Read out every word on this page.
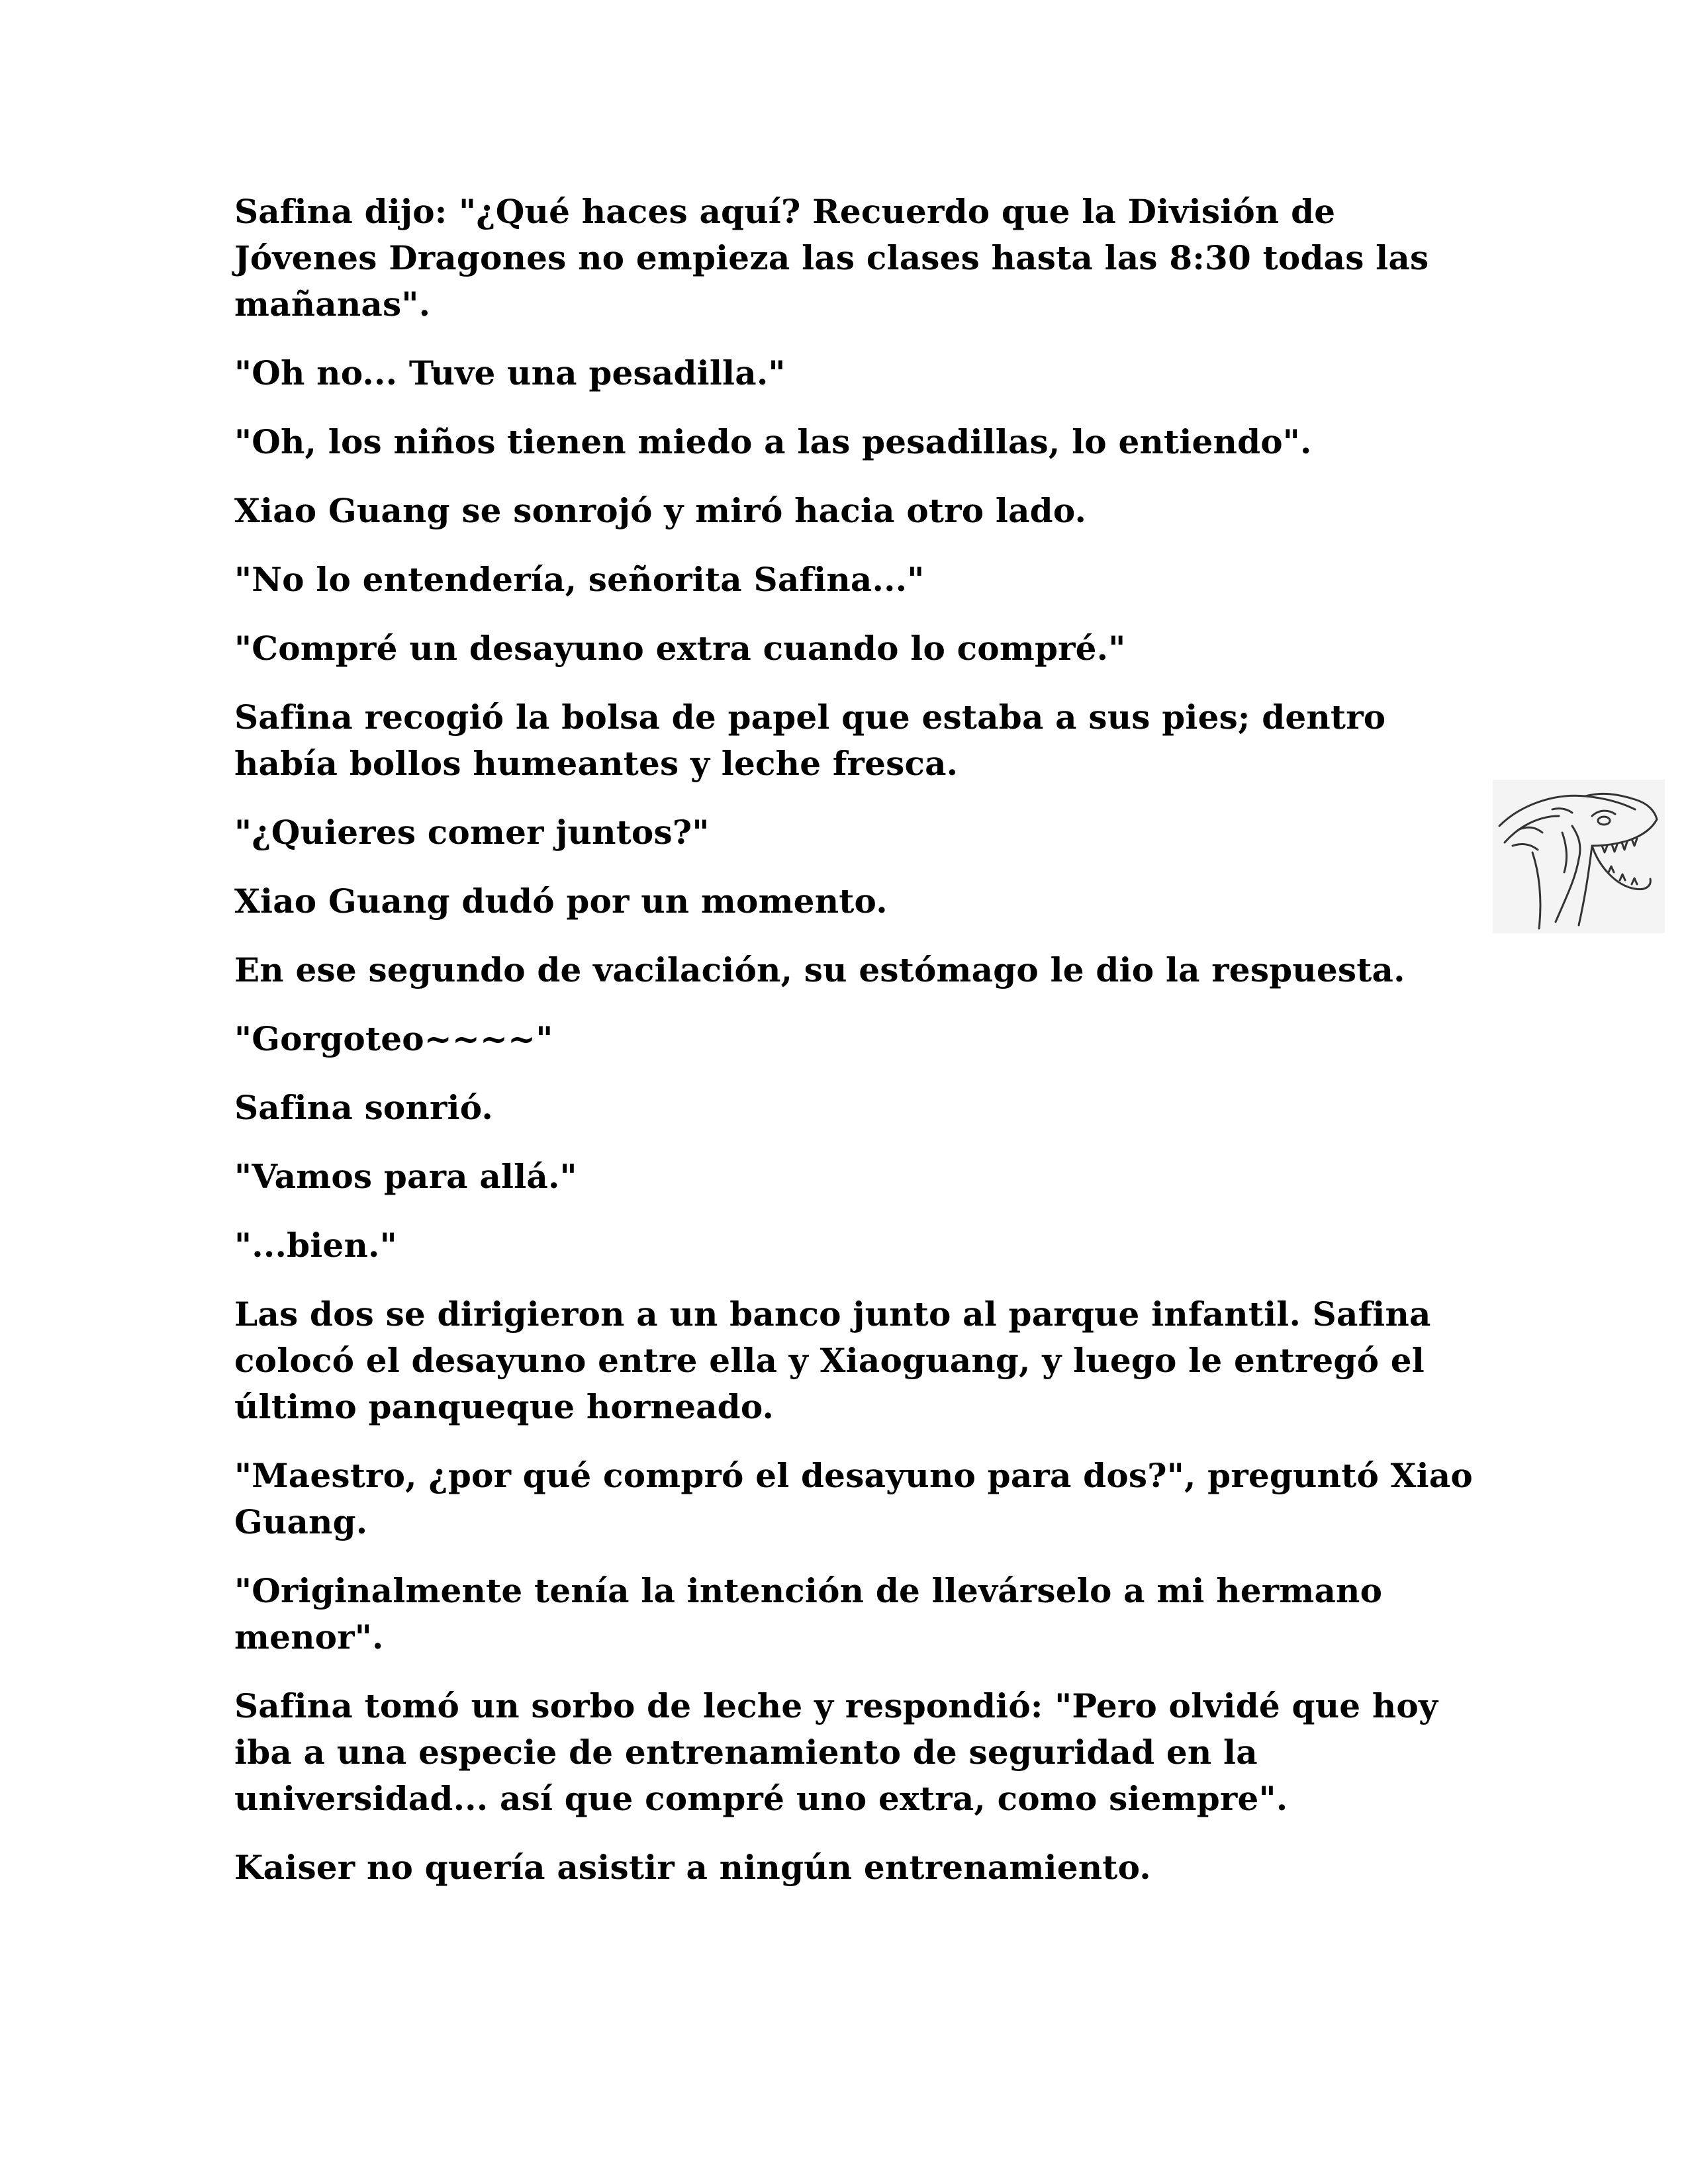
Safina dijo: "¿Qué haces aquí? Recuerdo que la División de Jóvenes Dragones no empieza las clases hasta las 8:30 todas las mañanas".

"Oh no... Tuve una pesadilla."

"Oh, los niños tienen miedo a las pesadillas, lo entiendo".

Xiao Guang se sonrojó y miró hacia otro lado.

"No lo entendería, señorita Safina..."

"Compré un desayuno extra cuando lo compré."

Safina recogió la bolsa de papel que estaba a sus pies; dentro había bollos humeantes y leche fresca.

"¿Quieres comer juntos?"

Xiao Guang dudó por un momento.

En ese segundo de vacilación, su estómago le dio la respuesta.

"Gorgoteo~~~~"

Safina sonrió.

"Vamos para allá."

"...bien."

Las dos se dirigieron a un banco junto al parque infantil. Safina colocó el desayuno entre ella y Xiaoguang, y luego le entregó el último panqueque horneado.

"Maestro, ¿por qué compró el desayuno para dos?", preguntó Xiao Guang.

"Originalmente tenía la intención de llevárselo a mi hermano menor".

Safina tomó un sorbo de leche y respondió: "Pero olvidé que hoy iba a una especie de entrenamiento de seguridad en la universidad... así que compré uno extra, como siempre".

Kaiser no quería asistir a ningún entrenamiento.
